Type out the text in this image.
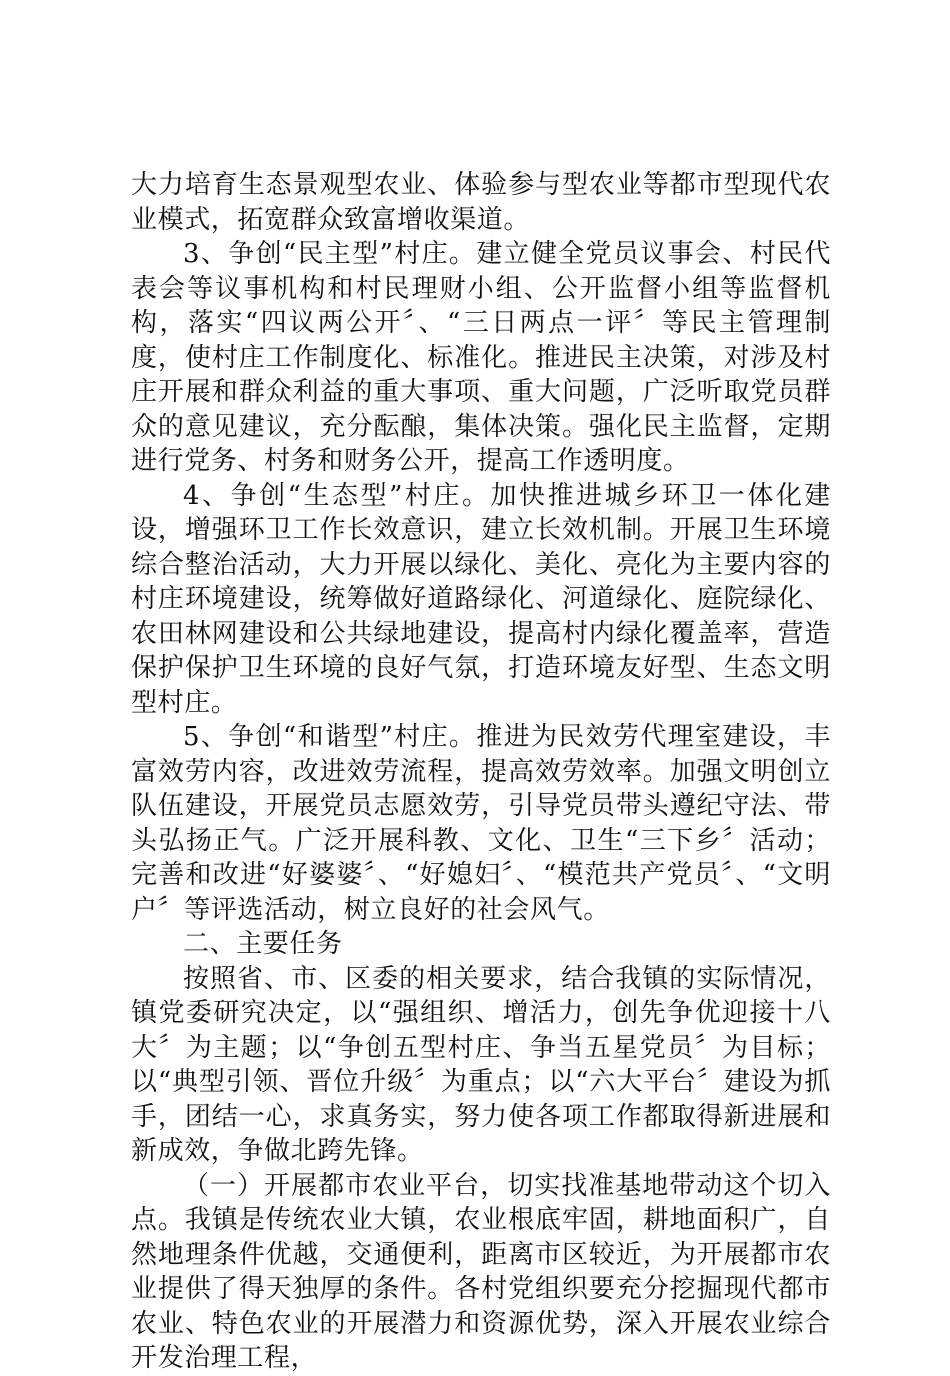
大力培育生态景观型农业、体验参与型农业等都市型现代农业模式，拓宽群众致富增收渠道。

3、争创“民主型”村庄。建立健全党员议事会、村民代表会等议事机构和村民理财小组、公开监督小组等监督机构，落实“四议两公开〞、“三日两点一评〞等民主管理制度，使村庄工作制度化、标准化。推进民主决策，对涉及村庄开展和群众利益的重大事项、重大问题，广泛听取党员群众的意见建议，充分酝酿，集体决策。强化民主监督，定期进行党务、村务和财务公开，提高工作透明度。

4、争创“生态型”村庄。加快推进城乡环卫一体化建设，增强环卫工作长效意识，建立长效机制。开展卫生环境综合整治活动，大力开展以绿化、美化、亮化为主要内容的村庄环境建设，统筹做好道路绿化、河道绿化、庭院绿化、农田林网建设和公共绿地建设，提高村内绿化覆盖率，营造保护保护卫生环境的良好气氛，打造环境友好型、生态文明型村庄。

5、争创“和谐型”村庄。推进为民效劳代理室建设，丰富效劳内容，改进效劳流程，提高效劳效率。加强文明创立队伍建设，开展党员志愿效劳，引导党员带头遵纪守法、带头弘扬正气。广泛开展科教、文化、卫生“三下乡〞活动；完善和改进“好婆婆〞、“好媳妇〞、“模范共产党员〞、“文明户〞等评选活动，树立良好的社会风气。

二、主要任务

按照省、市、区委的相关要求，结合我镇的实际情况，镇党委研究决定，以“强组织、增活力，创先争优迎接十八大〞为主题；以“争创五型村庄、争当五星党员〞为目标；以“典型引领、晋位升级〞为重点；以“六大平台〞建设为抓手，团结一心，求真务实，努力使各项工作都取得新进展和新成效，争做北跨先锋。

（一）开展都市农业平台，切实找准基地带动这个切入点。我镇是传统农业大镇，农业根底牢固，耕地面积广，自然地理条件优越，交通便利，距离市区较近，为开展都市农业提供了得天独厚的条件。各村党组织要充分挖掘现代都市农业、特色农业的开展潜力和资源优势，深入开展农业综合开发治理工程，
